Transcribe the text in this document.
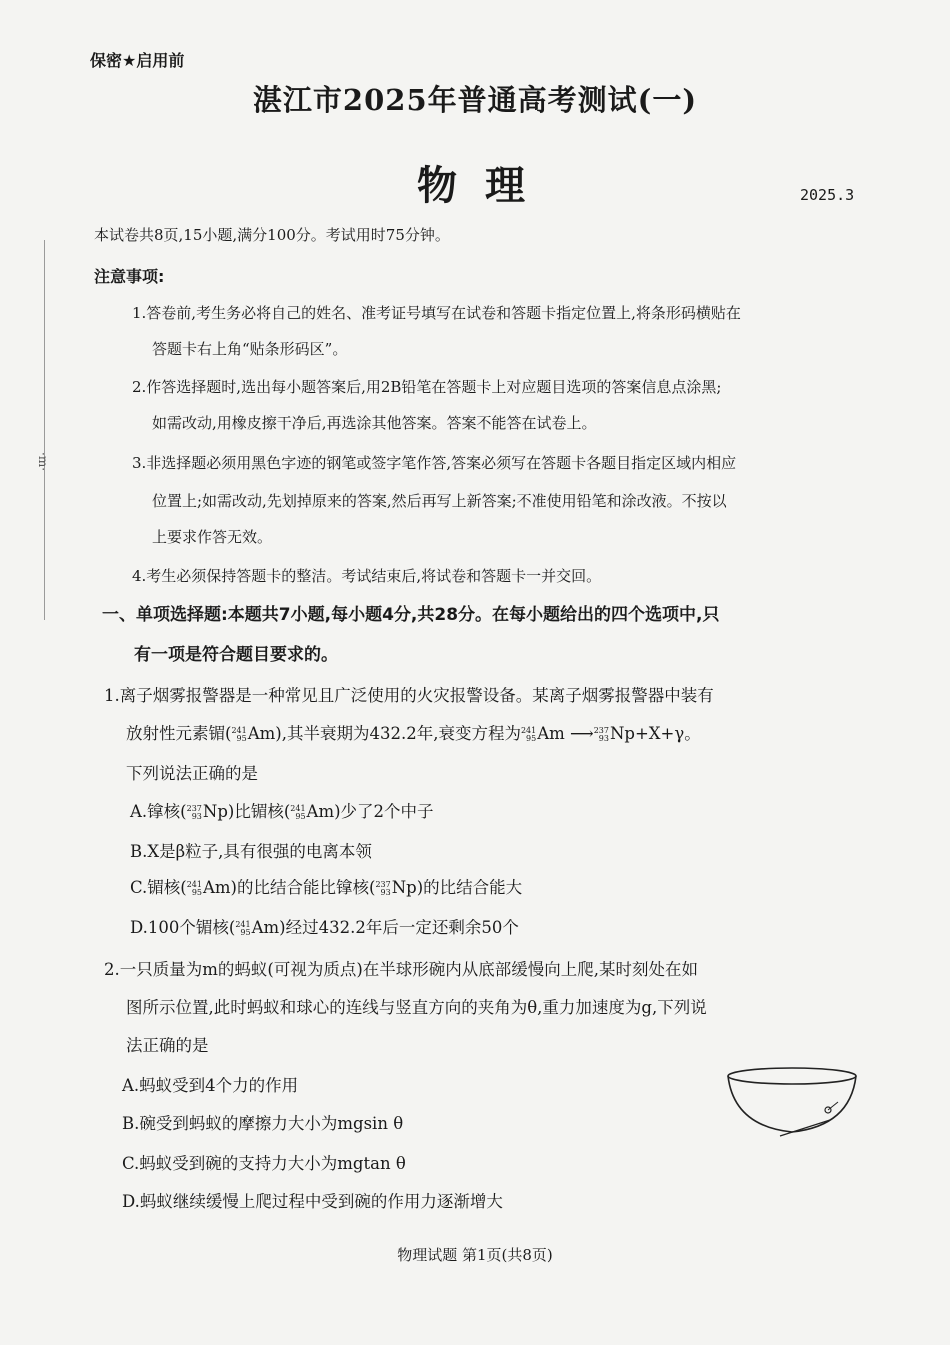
·m·
保密★启用前
湛江市2025年普通高考测试(一)
物理	2025.3
本试卷共8页,15小题,满分100分。考试用时75分钟。
注意事项:
1.答卷前,考生务必将自己的姓名、准考证号填写在试卷和答题卡指定位置上,将条形码横贴在
答题卡右上角“贴条形码区”。
2.作答选择题时,选出每小题答案后,用2B铅笔在答题卡上对应题目选项的答案信息点涂黑;
如需改动,用橡皮擦干净后,再选涂其他答案。答案不能答在试卷上。
3.非选择题必须用黑色字迹的钢笔或签字笔作答,答案必须写在答题卡各题目指定区域内相应
位置上;如需改动,先划掉原来的答案,然后再写上新答案;不准使用铅笔和涂改液。不按以
上要求作答无效。
4.考生必须保持答题卡的整洁。考试结束后,将试卷和答题卡一并交回。
一、单项选择题:本题共7小题,每小题4分,共28分。在每小题给出的四个选项中,只
有一项是符合题目要求的。
1.离子烟雾报警器是一种常见且广泛使用的火灾报警设备。某离子烟雾报警器中装有
放射性元素镅(241
95Am),其半衰期为432.2年,衰变方程为241
95Am ⟶237
93Np+X+γ。
下列说法正确的是
A.镎核(237
93Np)比镅核(241
95Am)少了2个中子
B.X是β粒子,具有很强的电离本领
C.镅核(241
95Am)的比结合能比镎核(237
93Np)的比结合能大
D.100个镅核(241
95Am)经过432.2年后一定还剩余50个
2.一只质量为m的蚂蚁(可视为质点)在半球形碗内从底部缓慢向上爬,某时刻处在如
图所示位置,此时蚂蚁和球心的连线与竖直方向的夹角为θ,重力加速度为g,下列说
法正确的是
A.蚂蚁受到4个力的作用
B.碗受到蚂蚁的摩擦力大小为mgsin θ
C.蚂蚁受到碗的支持力大小为mgtan θ
D.蚂蚁继续缓慢上爬过程中受到碗的作用力逐渐增大
物理试题 第1页(共8页)
